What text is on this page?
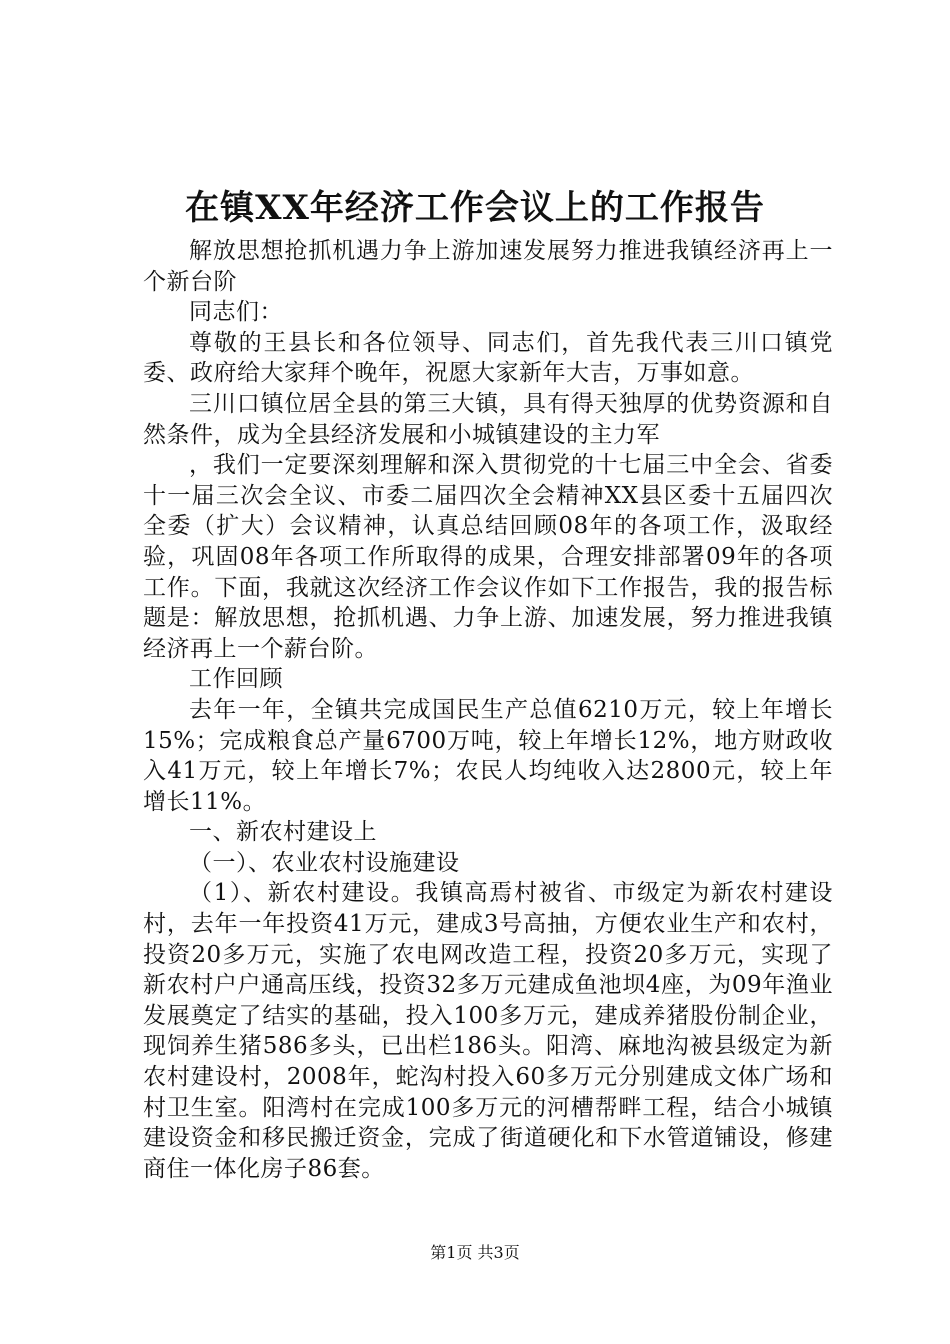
在镇XX年经济工作会议上的工作报告

解放思想抢抓机遇力争上游加速发展努力推进我镇经济再上一个新台阶

同志们：

尊敬的王县长和各位领导、同志们，首先我代表三川口镇党委、政府给大家拜个晚年，祝愿大家新年大吉，万事如意。

三川口镇位居全县的第三大镇，具有得天独厚的优势资源和自然条件，成为全县经济发展和小城镇建设的主力军

，我们一定要深刻理解和深入贯彻党的十七届三中全会、省委十一届三次会全议、市委二届四次全会精神XX县区委十五届四次全委（扩大）会议精神，认真总结回顾08年的各项工作，汲取经验，巩固08年各项工作所取得的成果，合理安排部署09年的各项工作。下面，我就这次经济工作会议作如下工作报告，我的报告标题是：解放思想，抢抓机遇、力争上游、加速发展，努力推进我镇经济再上一个薪台阶。

工作回顾

去年一年，全镇共完成国民生产总值6210万元，较上年增长15%；完成粮食总产量6700万吨，较上年增长12%，地方财政收入41万元，较上年增长7%；农民人均纯收入达2800元，较上年增长11%。

一、新农村建设上

（一）、农业农村设施建设

（1）、新农村建设。我镇高焉村被省、市级定为新农村建设村，去年一年投资41万元，建成3号高抽，方便农业生产和农村，投资20多万元，实施了农电网改造工程，投资20多万元，实现了新农村户户通高压线，投资32多万元建成鱼池坝4座，为09年渔业发展奠定了结实的基础，投入100多万元，建成养猪股份制企业，现饲养生猪586多头，已出栏186头。阳湾、麻地沟被县级定为新农村建设村，2008年，蛇沟村投入60多万元分别建成文体广场和村卫生室。阳湾村在完成100多万元的河槽帮畔工程，结合小城镇建设资金和移民搬迁资金，完成了街道硬化和下水管道铺设，修建商住一体化房子86套。

第1页 共3页
